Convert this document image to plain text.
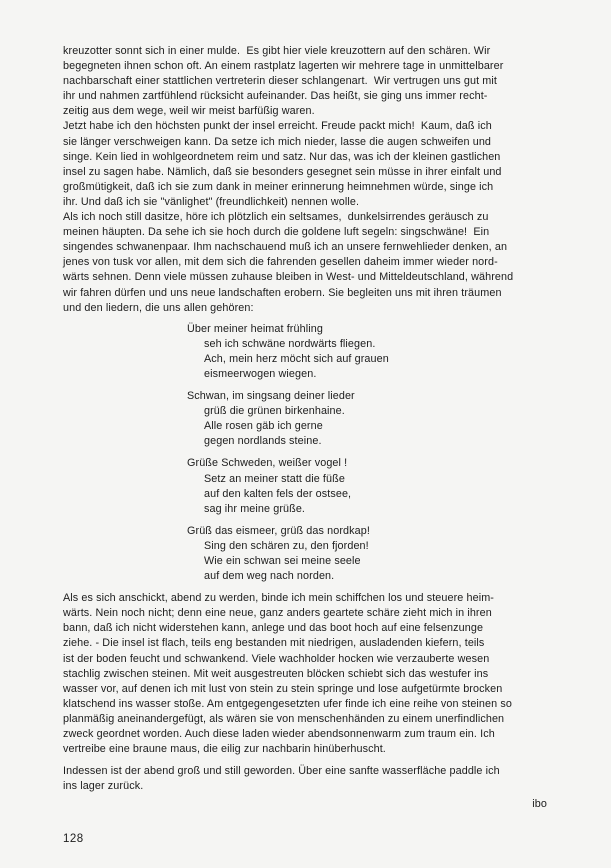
kreuzotter sonnt sich in einer mulde.  Es gibt hier viele kreuzottern auf den schären. Wir
begegneten ihnen schon oft. An einem rastplatz lagerten wir mehrere tage in unmittelbarer
nachbarschaft einer stattlichen vertreterin dieser schlangenart.  Wir vertrugen uns gut mit
ihr und nahmen zartfühlend rücksicht aufeinander. Das heißt, sie ging uns immer recht-
zeitig aus dem wege, weil wir meist barfüßig waren.
Jetzt habe ich den höchsten punkt der insel erreicht. Freude packt mich!  Kaum, daß ich
sie länger verschweigen kann. Da setze ich mich nieder, lasse die augen schweifen und
singe. Kein lied in wohlgeordnetem reim und satz. Nur das, was ich der kleinen gastlichen
insel zu sagen habe. Nämlich, daß sie besonders gesegnet sein müsse in ihrer einfalt und
großmütigkeit, daß ich sie zum dank in meiner erinnerung heimnehmen würde, singe ich
ihr. Und daß ich sie "vänlighet" (freundlichkeit) nennen wolle.
Als ich noch still dasitze, höre ich plötzlich ein seltsames,  dunkelsirrendes geräusch zu
meinen häupten. Da sehe ich sie hoch durch die goldene luft segeln: singschwäne!  Ein
singendes schwanenpaar. Ihm nachschauend muß ich an unsere fernwehlieder denken, an
jenes von tusk vor allen, mit dem sich die fahrenden gesellen daheim immer wieder nord-
wärts sehnen. Denn viele müssen zuhause bleiben in West- und Mitteldeutschland, während
wir fahren dürfen und uns neue landschaften erobern. Sie begleiten uns mit ihren träumen
und den liedern, die uns allen gehören:
Über meiner heimat frühling
seh ich schwäne nordwärts fliegen.
Ach, mein herz möcht sich auf grauen
eismeerwogen wiegen.
Schwan, im singsang deiner lieder
grüß die grünen birkenhaine.
Alle rosen gäb ich gerne
gegen nordlands steine.
Grüße Schweden, weißer vogel !
Setz an meiner statt die füße
auf den kalten fels der ostsee,
sag ihr meine grüße.
Grüß das eismeer, grüß das nordkap!
Sing den schären zu, den fjorden!
Wie ein schwan sei meine seele
auf dem weg nach norden.
Als es sich anschickt, abend zu werden, binde ich mein schiffchen los und steuere heim-
wärts. Nein noch nicht; denn eine neue, ganz anders geartete schäre zieht mich in ihren
bann, daß ich nicht widerstehen kann, anlege und das boot hoch auf eine felsenzunge
ziehe. - Die insel ist flach, teils eng bestanden mit niedrigen, ausladenden kiefern, teils
ist der boden feucht und schwankend. Viele wachholder hocken wie verzauberte wesen
stachlig zwischen steinen. Mit weit ausgestreuten blöcken schiebt sich das westufer ins
wasser vor, auf denen ich mit lust von stein zu stein springe und lose aufgetürmte brocken
klatschend ins wasser stoße. Am entgegengesetzten ufer finde ich eine reihe von steinen so
planmäßig aneinandergefügt, als wären sie von menschenhänden zu einem unerfindlichen
zweck geordnet worden. Auch diese laden wieder abendsonnenwarm zum traum ein. Ich
vertreibe eine braune maus, die eilig zur nachbarin hinüberhuscht.
Indessen ist der abend groß und still geworden. Über eine sanfte wasserfläche paddle ich
ins lager zurück.
ibo
128
